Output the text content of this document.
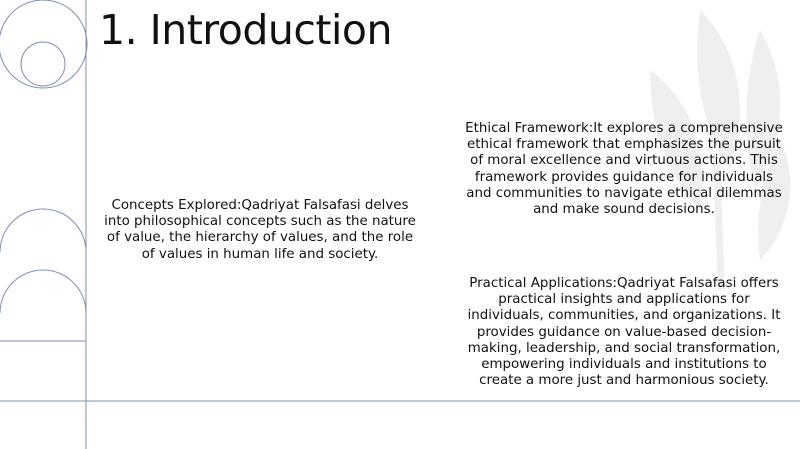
1. Introduction

Concepts Explored:Qadriyat Falsafasi delves into philosophical concepts such as the nature of value, the hierarchy of values, and the role of values in human life and society.

Ethical Framework:It explores a comprehensive ethical framework that emphasizes the pursuit of moral excellence and virtuous actions. This framework provides guidance for individuals and communities to navigate ethical dilemmas and make sound decisions.

Practical Applications:Qadriyat Falsafasi offers practical insights and applications for individuals, communities, and organizations. It provides guidance on value-based decision-making, leadership, and social transformation, empowering individuals and institutions to create a more just and harmonious society.
